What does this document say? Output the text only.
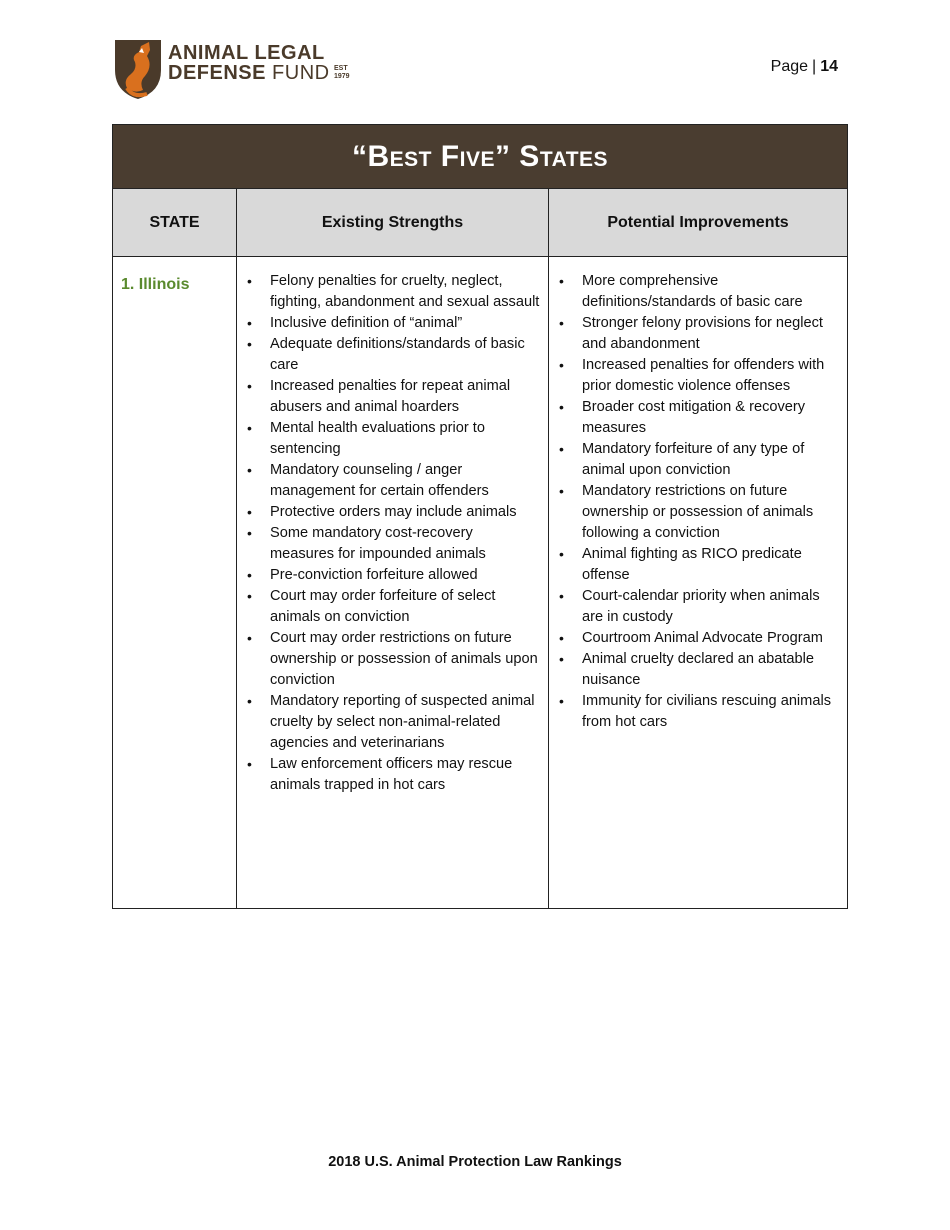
ANIMAL LEGAL
DEFENSE FUND EST
1979
Page | 14
“Best Five” States
STATE	Existing Strengths	Potential Improvements
1. Illinois
•	Felony penalties for cruelty, neglect, fighting, abandonment and sexual assault
• Inclusive definition of “animal”
• Adequate definitions/standards of basic care
• Increased penalties for repeat animal abusers and animal hoarders
• Mental health evaluations prior to sentencing
• Mandatory counseling / anger management for certain offenders
• Protective orders may include animals
• Some mandatory cost-recovery measures for impounded animals
• Pre-conviction forfeiture allowed
• Court may order forfeiture of select animals on conviction
• Court may order restrictions on future ownership or possession of animals upon conviction
• Mandatory reporting of suspected animal cruelty by select non-animal-related agencies and veterinarians
• Law enforcement officers may rescue animals trapped in hot cars
• More comprehensive definitions/standards of basic care
• Stronger felony provisions for neglect and abandonment
• Increased penalties for offenders with prior domestic violence offenses
• Broader cost mitigation & recovery measures
• Mandatory forfeiture of any type of animal upon conviction
• Mandatory restrictions on future ownership or possession of animals following a conviction
• Animal fighting as RICO predicate offense
• Court-calendar priority when animals are in custody
• Courtroom Animal Advocate Program
• Animal cruelty declared an abatable nuisance
• Immunity for civilians rescuing animals from hot cars
2018 U.S. Animal Protection Law Rankings
